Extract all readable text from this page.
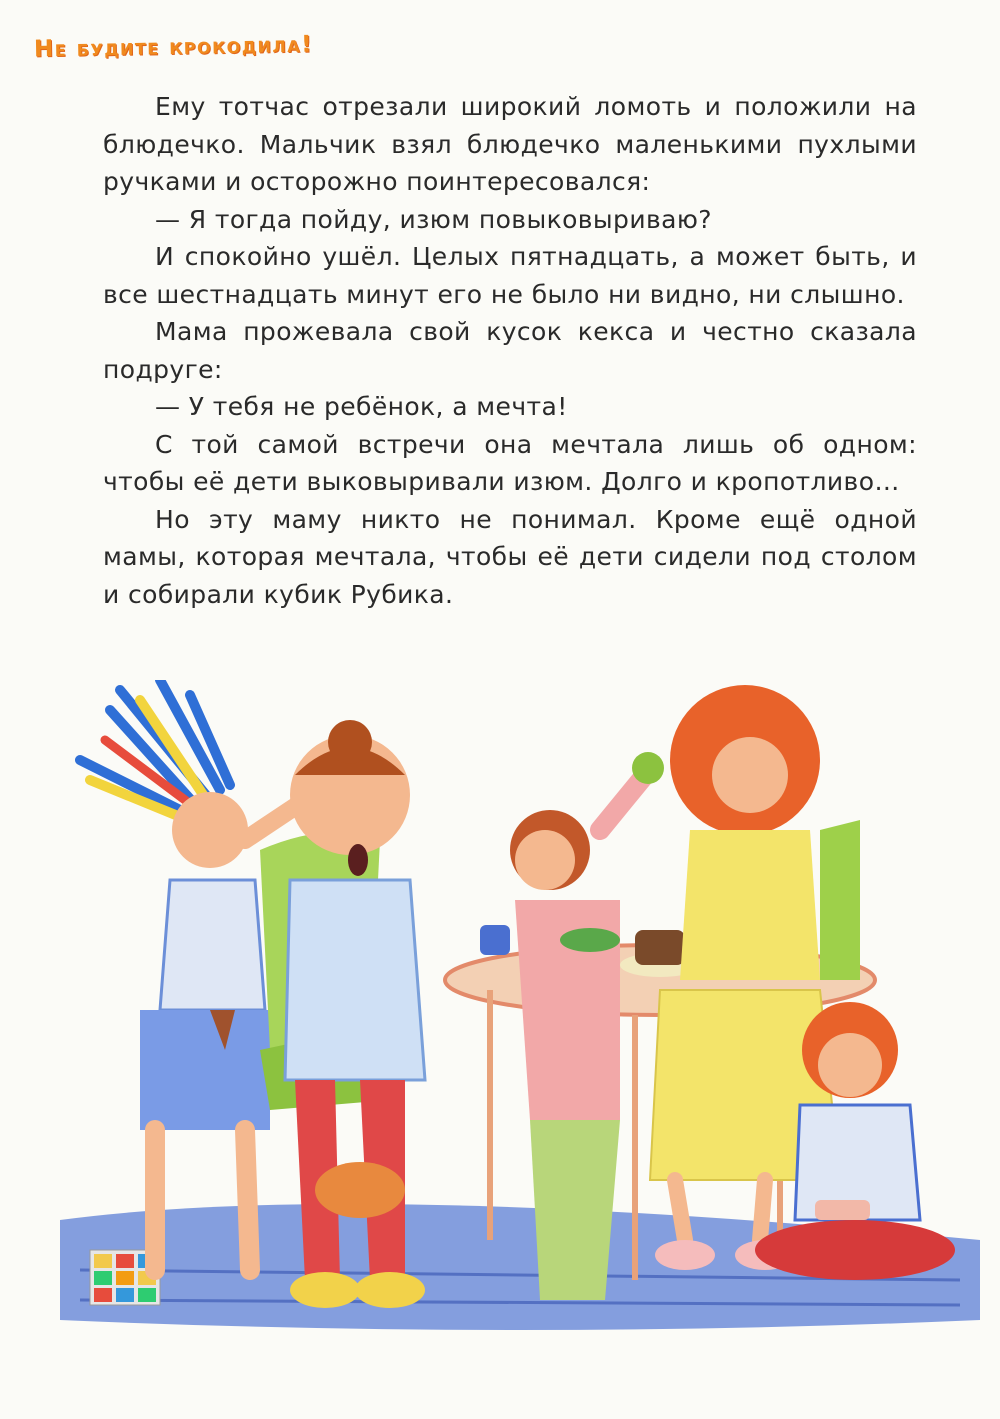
Не будите крокодила!

Ему тотчас отрезали широкий ломоть и положили на блюдечко. Мальчик взял блюдечко маленькими пухлыми ручками и осторожно поинтересовался:

— Я тогда пойду, изюм повыковыриваю?

И спокойно ушёл. Целых пятнадцать, а может быть, и все шестнадцать минут его не было ни видно, ни слышно.

Мама прожевала свой кусок кекса и честно сказала подруге:

— У тебя не ребёнок, а мечта!

С той самой встречи она мечтала лишь об одном: чтобы её дети выковыривали изюм. Долго и кропотливо…

Но эту маму никто не понимал. Кроме ещё одной мамы, которая мечтала, чтобы её дети сидели под столом и собирали кубик Рубика.
